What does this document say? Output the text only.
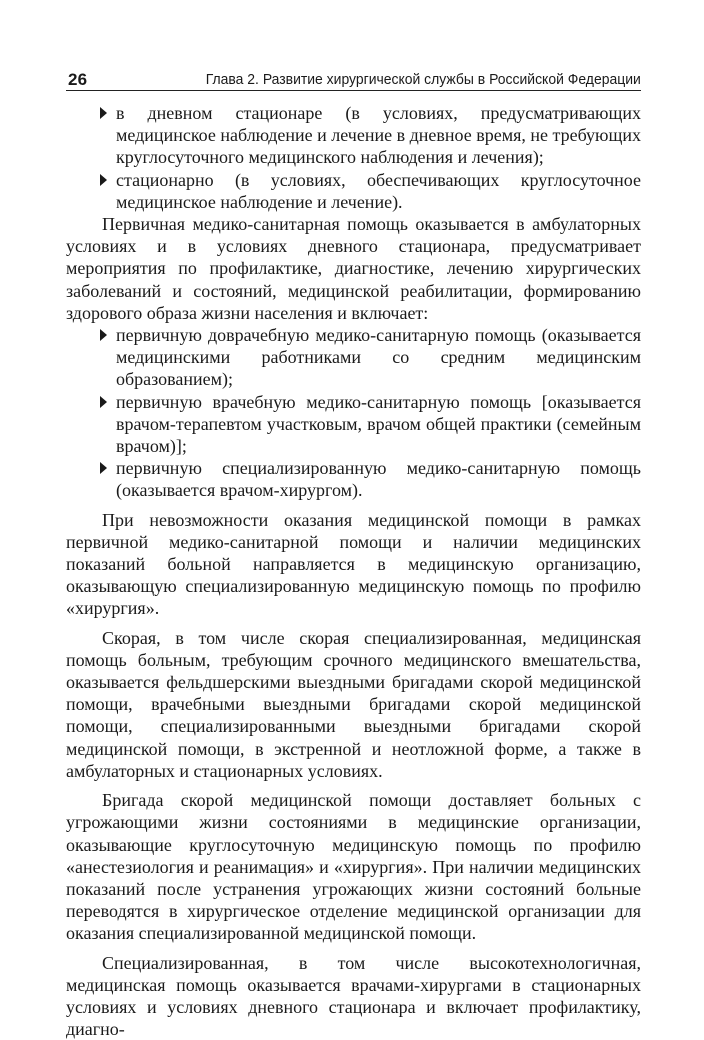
26	Глава 2. Развитие хирургической службы в Российской Федерации

в дневном стационаре (в условиях, предусматривающих медицинское наблюдение и лечение в дневное время, не требующих круглосуточного медицинского наблюдения и лечения);

стационарно (в условиях, обеспечивающих круглосуточное медицинское наблюдение и лечение).

Первичная медико-санитарная помощь оказывается в амбулаторных условиях и в условиях дневного стационара, предусматривает мероприятия по профилактике, диагностике, лечению хирургических заболеваний и состояний, медицинской реабилитации, формированию здорового образа жизни населения и включает:

первичную доврачебную медико-санитарную помощь (оказывается медицинскими работниками со средним медицинским образованием);

первичную врачебную медико-санитарную помощь [оказывается врачом-терапевтом участковым, врачом общей практики (семейным врачом)];

первичную специализированную медико-санитарную помощь (оказывается врачом-хирургом).

При невозможности оказания медицинской помощи в рамках первичной медико-санитарной помощи и наличии медицинских показаний больной направляется в медицинскую организацию, оказывающую специализированную медицинскую помощь по профилю «хирургия».

Скорая, в том числе скорая специализированная, медицинская помощь больным, требующим срочного медицинского вмешательства, оказывается фельдшерскими выездными бригадами скорой медицинской помощи, врачебными выездными бригадами скорой медицинской помощи, специализированными выездными бригадами скорой медицинской помощи, в экстренной и неотложной форме, а также в амбулаторных и стационарных условиях.

Бригада скорой медицинской помощи доставляет больных с угрожающими жизни состояниями в медицинские организации, оказывающие круглосуточную медицинскую помощь по профилю «анестезиология и реанимация» и «хирургия». При наличии медицинских показаний после устранения угрожающих жизни состояний больные переводятся в хирургическое отделение медицинской организации для оказания специализированной медицинской помощи.

Специализированная, в том числе высокотехнологичная, медицинская помощь оказывается врачами-хирургами в стационарных условиях и условиях дневного стационара и включает профилактику, диагно-
